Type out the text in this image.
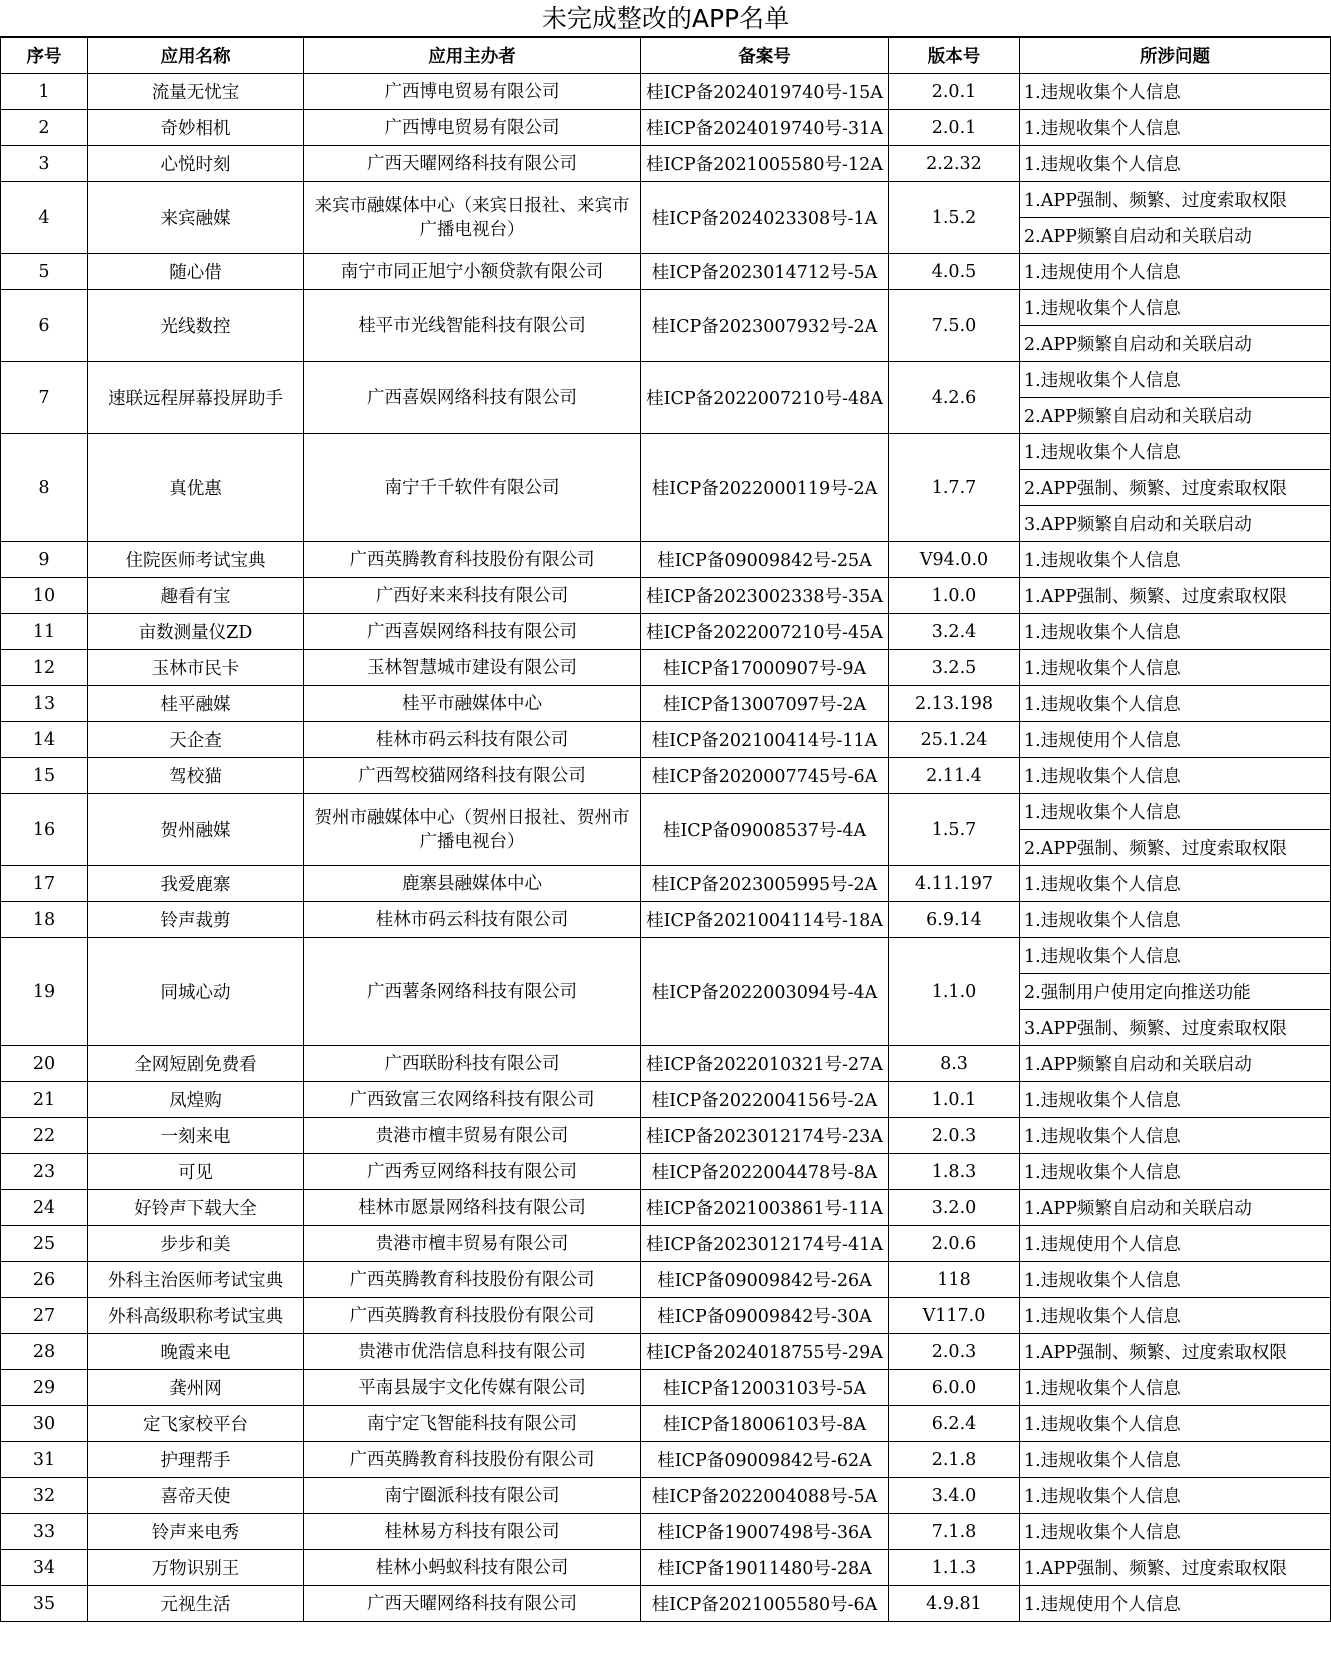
未完成整改的APP名单
序号	应用名称	应用主办者	备案号	版本号	所涉问题
1	流量无忧宝	广西博电贸易有限公司	桂ICP备2024019740号-15A	2.0.1	1.违规收集个人信息
2	奇妙相机	广西博电贸易有限公司	桂ICP备2024019740号-31A	2.0.1	1.违规收集个人信息
3	心悦时刻	广西天曜网络科技有限公司	桂ICP备2021005580号-12A	2.2.32	1.违规收集个人信息
4	来宾融媒	来宾市融媒体中心（来宾日报社、来宾市广播电视台）	桂ICP备2024023308号-1A	1.5.2	1.APP强制、频繁、过度索取权限
					2.APP频繁自启动和关联启动
5	随心借	南宁市同正旭宁小额贷款有限公司	桂ICP备2023014712号-5A	4.0.5	1.违规使用个人信息
6	光线数控	桂平市光线智能科技有限公司	桂ICP备2023007932号-2A	7.5.0	1.违规收集个人信息
					2.APP频繁自启动和关联启动
7	速联远程屏幕投屏助手	广西喜娱网络科技有限公司	桂ICP备2022007210号-48A	4.2.6	1.违规收集个人信息
					2.APP频繁自启动和关联启动
8	真优惠	南宁千千软件有限公司	桂ICP备2022000119号-2A	1.7.7	1.违规收集个人信息
					2.APP强制、频繁、过度索取权限
					3.APP频繁自启动和关联启动
9	住院医师考试宝典	广西英腾教育科技股份有限公司	桂ICP备09009842号-25A	V94.0.0	1.违规收集个人信息
10	趣看有宝	广西好来来科技有限公司	桂ICP备2023002338号-35A	1.0.0	1.APP强制、频繁、过度索取权限
11	亩数测量仪ZD	广西喜娱网络科技有限公司	桂ICP备2022007210号-45A	3.2.4	1.违规收集个人信息
12	玉林市民卡	玉林智慧城市建设有限公司	桂ICP备17000907号-9A	3.2.5	1.违规收集个人信息
13	桂平融媒	桂平市融媒体中心	桂ICP备13007097号-2A	2.13.198	1.违规收集个人信息
14	天企查	桂林市码云科技有限公司	桂ICP备202100414号-11A	25.1.24	1.违规使用个人信息
15	驾校猫	广西驾校猫网络科技有限公司	桂ICP备2020007745号-6A	2.11.4	1.违规收集个人信息
16	贺州融媒	贺州市融媒体中心（贺州日报社、贺州市广播电视台）	桂ICP备09008537号-4A	1.5.7	1.违规收集个人信息
					2.APP强制、频繁、过度索取权限
17	我爱鹿寨	鹿寨县融媒体中心	桂ICP备2023005995号-2A	4.11.197	1.违规收集个人信息
18	铃声裁剪	桂林市码云科技有限公司	桂ICP备2021004114号-18A	6.9.14	1.违规收集个人信息
19	同城心动	广西薯条网络科技有限公司	桂ICP备2022003094号-4A	1.1.0	1.违规收集个人信息

					2.强制用户使用定向推送功能
					3.APP强制、频繁、过度索取权限
20	全网短剧免费看	广西联盼科技有限公司	桂ICP备2022010321号-27A	8.3	1.APP频繁自启动和关联启动
21	凤煌购	广西致富三农网络科技有限公司	桂ICP备2022004156号-2A	1.0.1	1.违规收集个人信息
22	一刻来电	贵港市檀丰贸易有限公司	桂ICP备2023012174号-23A	2.0.3	1.违规收集个人信息
23	可见	广西秀豆网络科技有限公司	桂ICP备2022004478号-8A	1.8.3	1.违规收集个人信息
24	好铃声下载大全	桂林市愿景网络科技有限公司	桂ICP备2021003861号-11A	3.2.0	1.APP频繁自启动和关联启动
25	步步和美	贵港市檀丰贸易有限公司	桂ICP备2023012174号-41A	2.0.6	1.违规使用个人信息
26	外科主治医师考试宝典	广西英腾教育科技股份有限公司	桂ICP备09009842号-26A	118	1.违规收集个人信息
27	外科高级职称考试宝典	广西英腾教育科技股份有限公司	桂ICP备09009842号-30A	V117.0	1.违规收集个人信息
28	晚霞来电	贵港市优浩信息科技有限公司	桂ICP备2024018755号-29A	2.0.3	1.APP强制、频繁、过度索取权限
29	龚州网	平南县晟宇文化传媒有限公司	桂ICP备12003103号-5A	6.0.0	1.违规收集个人信息
30	定飞家校平台	南宁定飞智能科技有限公司	桂ICP备18006103号-8A	6.2.4	1.违规收集个人信息
31	护理帮手	广西英腾教育科技股份有限公司	桂ICP备09009842号-62A	2.1.8	1.违规收集个人信息
32	喜帝天使	南宁圈派科技有限公司	桂ICP备2022004088号-5A	3.4.0	1.违规收集个人信息
33	铃声来电秀	桂林易方科技有限公司	桂ICP备19007498号-36A	7.1.8	1.违规收集个人信息
34	万物识别王	桂林小蚂蚁科技有限公司	桂ICP备19011480号-28A	1.1.3	1.APP强制、频繁、过度索取权限
35	元视生活	广西天曜网络科技有限公司	桂ICP备2021005580号-6A	4.9.81	1.违规使用个人信息
